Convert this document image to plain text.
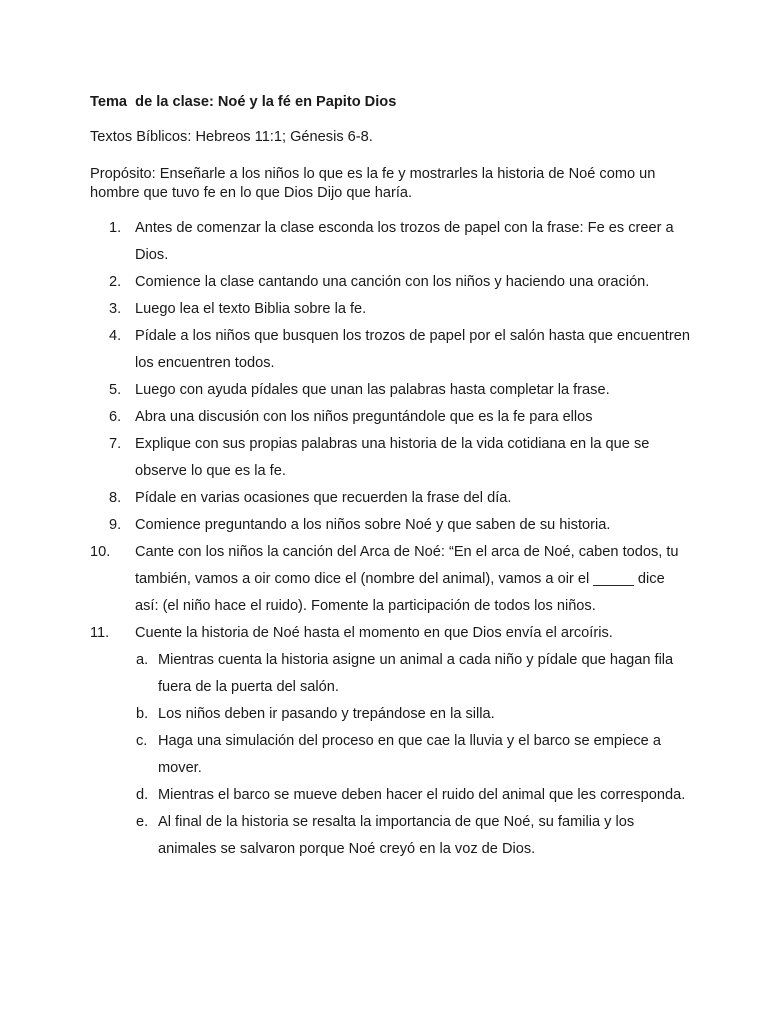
Tema  de la clase: Noé y la fé en Papito Dios

Textos Bíblicos: Hebreos 11:1; Génesis 6-8.

Propósito: Enseñarle a los niños lo que es la fe y mostrarles la historia de Noé como un hombre que tuvo fe en lo que Dios Dijo que haría.

1. Antes de comenzar la clase esconda los trozos de papel con la frase: Fe es creer a Dios.
2. Comience la clase cantando una canción con los niños y haciendo una oración.
3. Luego lea el texto Biblia sobre la fe.
4. Pídale a los niños que busquen los trozos de papel por el salón hasta que encuentren los encuentren todos.
5. Luego con ayuda pídales que unan las palabras hasta completar la frase.
6. Abra una discusión con los niños preguntándole que es la fe para ellos
7. Explique con sus propias palabras una historia de la vida cotidiana en la que se observe lo que es la fe.
8. Pídale en varias ocasiones que recuerden la frase del día.
9. Comience preguntando a los niños sobre Noé y que saben de su historia.
10. Cante con los niños la canción del Arca de Noé: “En el arca de Noé, caben todos, tu también, vamos a oir como dice el (nombre del animal), vamos a oir el _____ dice así: (el niño hace el ruido). Fomente la participación de todos los niños.
11. Cuente la historia de Noé hasta el momento en que Dios envía el arcoíris.
a. Mientras cuenta la historia asigne un animal a cada niño y pídale que hagan fila fuera de la puerta del salón.
b. Los niños deben ir pasando y trepándose en la silla.
c. Haga una simulación del proceso en que cae la lluvia y el barco se empiece a mover.
d. Mientras el barco se mueve deben hacer el ruido del animal que les corresponda.
e. Al final de la historia se resalta la importancia de que Noé, su familia y los animales se salvaron porque Noé creyó en la voz de Dios.
